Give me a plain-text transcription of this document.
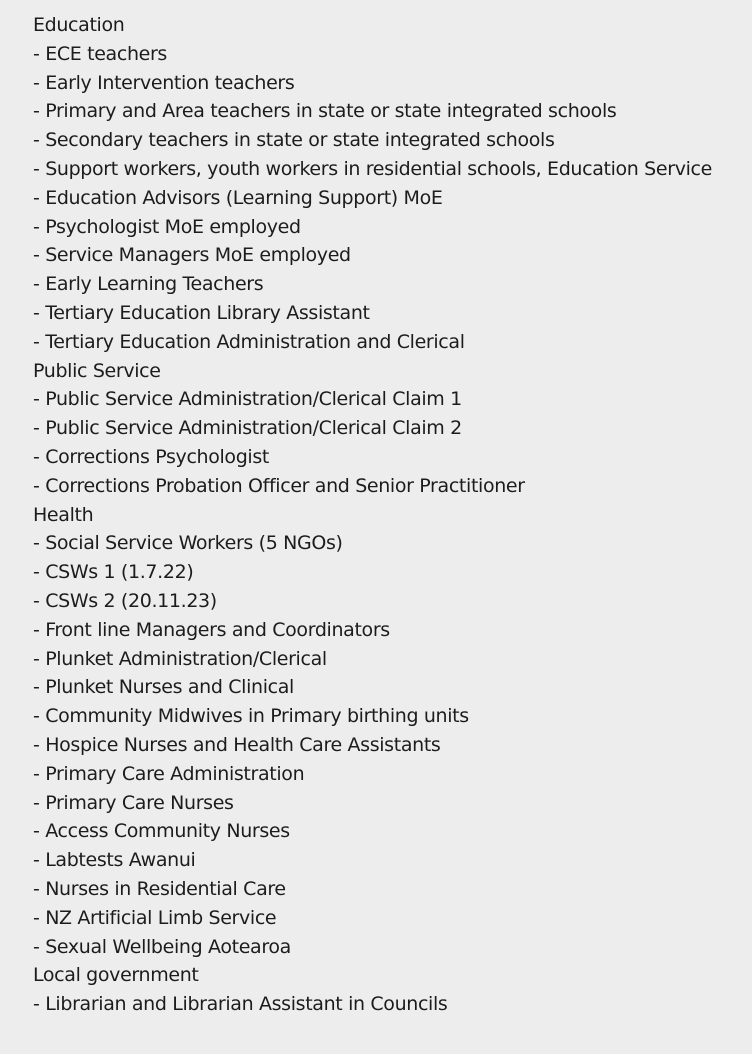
Education
- ECE teachers
- Early Intervention teachers
- Primary and Area teachers in state or state integrated schools
- Secondary teachers in state or state integrated schools
- Support workers, youth workers in residential schools, Education Service
- Education Advisors (Learning Support) MoE
- Psychologist MoE employed
- Service Managers MoE employed
- Early Learning Teachers
- Tertiary Education Library Assistant
- Tertiary Education Administration and Clerical
Public Service
- Public Service Administration/Clerical Claim 1
- Public Service Administration/Clerical Claim 2
- Corrections Psychologist
- Corrections Probation Officer and Senior Practitioner
Health
- Social Service Workers (5 NGOs)
- CSWs 1 (1.7.22)
- CSWs 2 (20.11.23)
- Front line Managers and Coordinators
- Plunket Administration/Clerical
- Plunket Nurses and Clinical
- Community Midwives in Primary birthing units
- Hospice Nurses and Health Care Assistants
- Primary Care Administration
- Primary Care Nurses
- Access Community Nurses
- Labtests Awanui
- Nurses in Residential Care
- NZ Artificial Limb Service
- Sexual Wellbeing Aotearoa
Local government
- Librarian and Librarian Assistant in Councils
